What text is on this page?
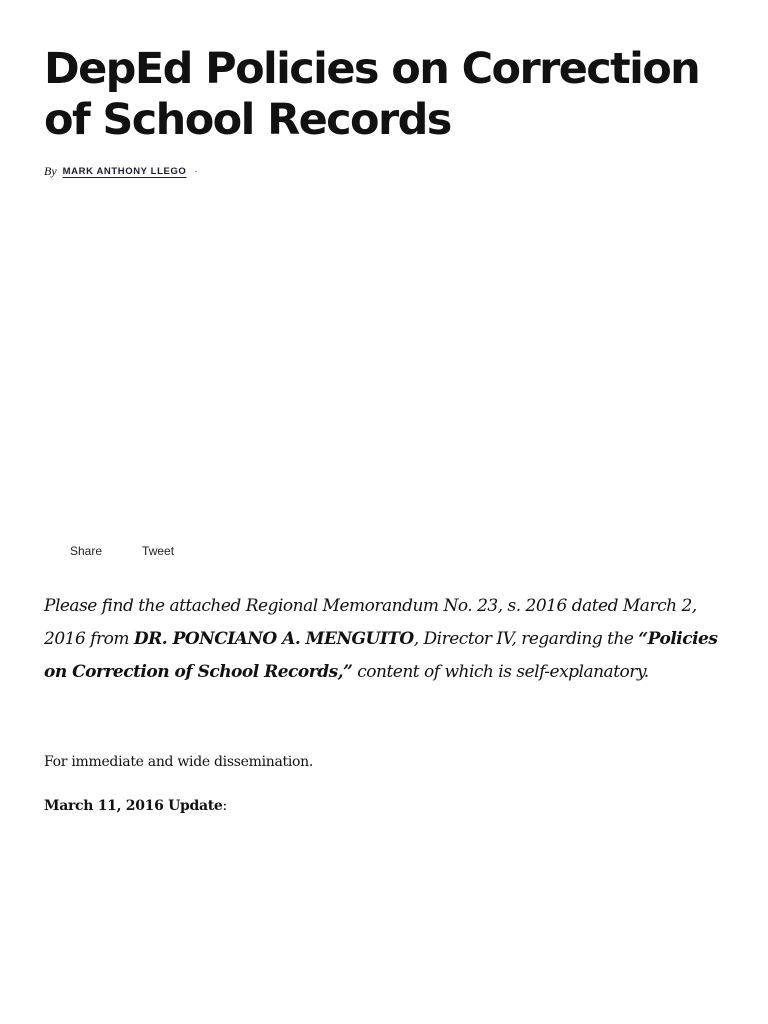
DepEd Policies on Correction of School Records
By MARK ANTHONY LLEGO ·
Share	Tweet

Please find the attached Regional Memorandum No. 23, s. 2016 dated March 2, 2016 from DR. PONCIANO A. MENGUITO, Director IV, regarding the “Policies on Correction of School Records,” content of which is self-explanatory.

For immediate and wide dissemination.

March 11, 2016 Update:
